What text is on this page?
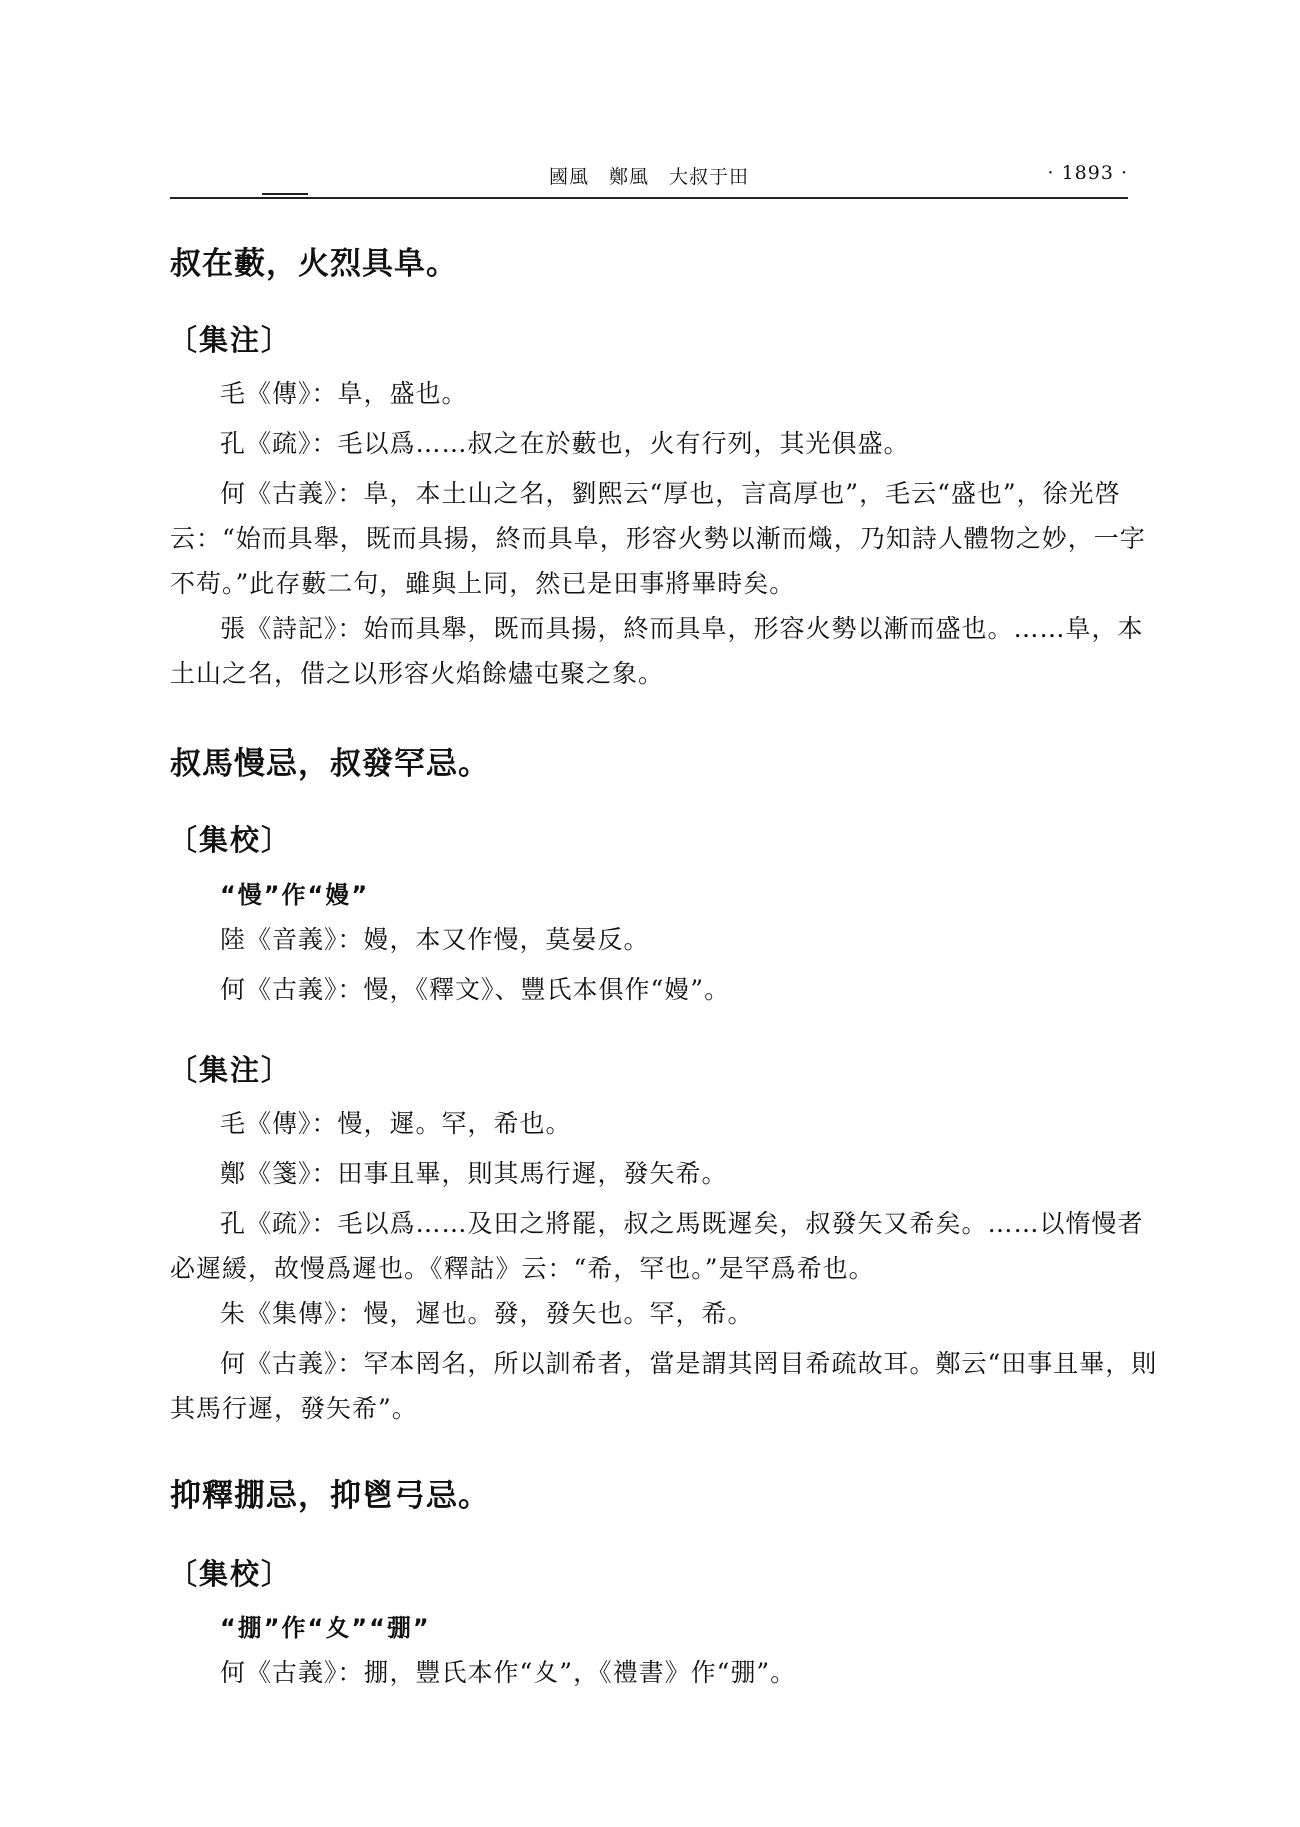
國風　鄭風　大叔于田	· 1893 ·
叔在藪，火烈具阜。
〔集注〕

毛《傳》：阜，盛也。

孔《疏》：毛以爲……叔之在於藪也，火有行列，其光俱盛。

何《古義》：阜，本土山之名，劉熙云“厚也，言高厚也”，毛云“盛也”，徐光啓云：“始而具舉，既而具揚，終而具阜，形容火勢以漸而熾，乃知詩人體物之妙，一字不苟。”此存藪二句，雖與上同，然已是田事將畢時矣。

張《詩記》：始而具舉，既而具揚，終而具阜，形容火勢以漸而盛也。……阜，本土山之名，借之以形容火焰餘燼屯聚之象。

叔馬慢忌，叔發罕忌。
〔集校〕
“慢”作“嫚”

陸《音義》：嫚，本又作慢，莫晏反。

何《古義》：慢，《釋文》、豐氏本俱作“嫚”。

〔集注〕

毛《傳》：慢，遲。罕，希也。

鄭《箋》：田事且畢，則其馬行遲，發矢希。

孔《疏》：毛以爲……及田之將罷，叔之馬既遲矣，叔發矢又希矣。……以惰慢者必遲緩，故慢爲遲也。《釋詁》云：“希，罕也。”是罕爲希也。

朱《集傳》：慢，遲也。發，發矢也。罕，希。

何《古義》：罕本罔名，所以訓希者，當是謂其罔目希疏故耳。鄭云“田事且畢，則其馬行遲，發矢希”。

抑釋掤忌，抑鬯弓忌。
〔集校〕
“掤”作“夊”“弸”

何《古義》：掤，豐氏本作“夊”，《禮書》作“弸”。
